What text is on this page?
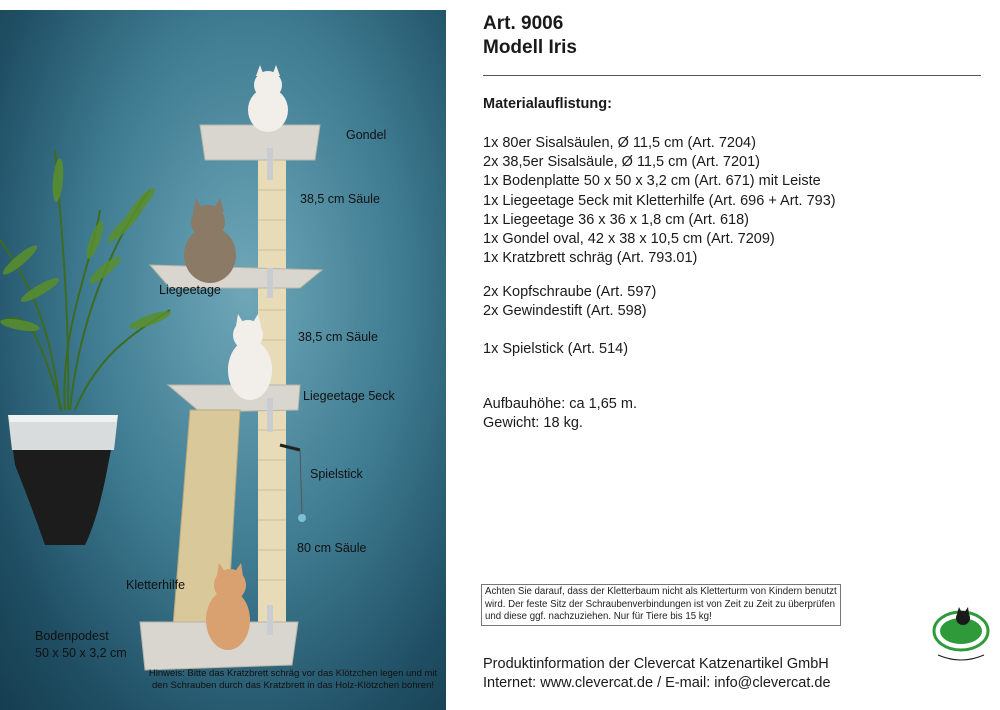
Gondel
38,5 cm Säule
Liegeetage
38,5 cm Säule
Liegeetage 5eck
Spielstick
80 cm Säule
Kletterhilfe
Bodenpodest
50 x 50 x 3,2 cm
Hinweis: Bitte das Kratzbrett schräg vor das Klötzchen legen und mit den Schrauben durch das Kratzbrett in das Holz-Klötzchen bohren!
Art. 9006
Modell Iris
Materialauflistung:
1x 80er Sisalsäulen, Ø 11,5 cm (Art. 7204)
2x 38,5er Sisalsäule, Ø 11,5 cm (Art. 7201)
1x Bodenplatte 50 x 50 x 3,2 cm (Art. 671) mit Leiste
1x Liegeetage 5eck mit Kletterhilfe (Art. 696 + Art. 793)
1x Liegeetage 36 x 36 x 1,8 cm (Art. 618)
1x Gondel oval, 42 x 38 x 10,5 cm (Art. 7209)
1x Kratzbrett schräg (Art. 793.01)
2x Kopfschraube (Art. 597)
2x Gewindestift (Art. 598)
1x Spielstick (Art. 514)
Aufbauhöhe: ca 1,65 m.
Gewicht: 18 kg.
Achten Sie darauf, dass der Kletterbaum nicht als Kletterturm von Kindern benutzt wird. Der feste Sitz der Schraubenverbindungen ist von Zeit zu Zeit zu überprüfen und diese ggf. nachzuziehen. Nur für Tiere bis 15 kg!
Produktinformation der Clevercat Katzenartikel GmbH
Internet: www.clevercat.de / E-mail: info@clevercat.de
